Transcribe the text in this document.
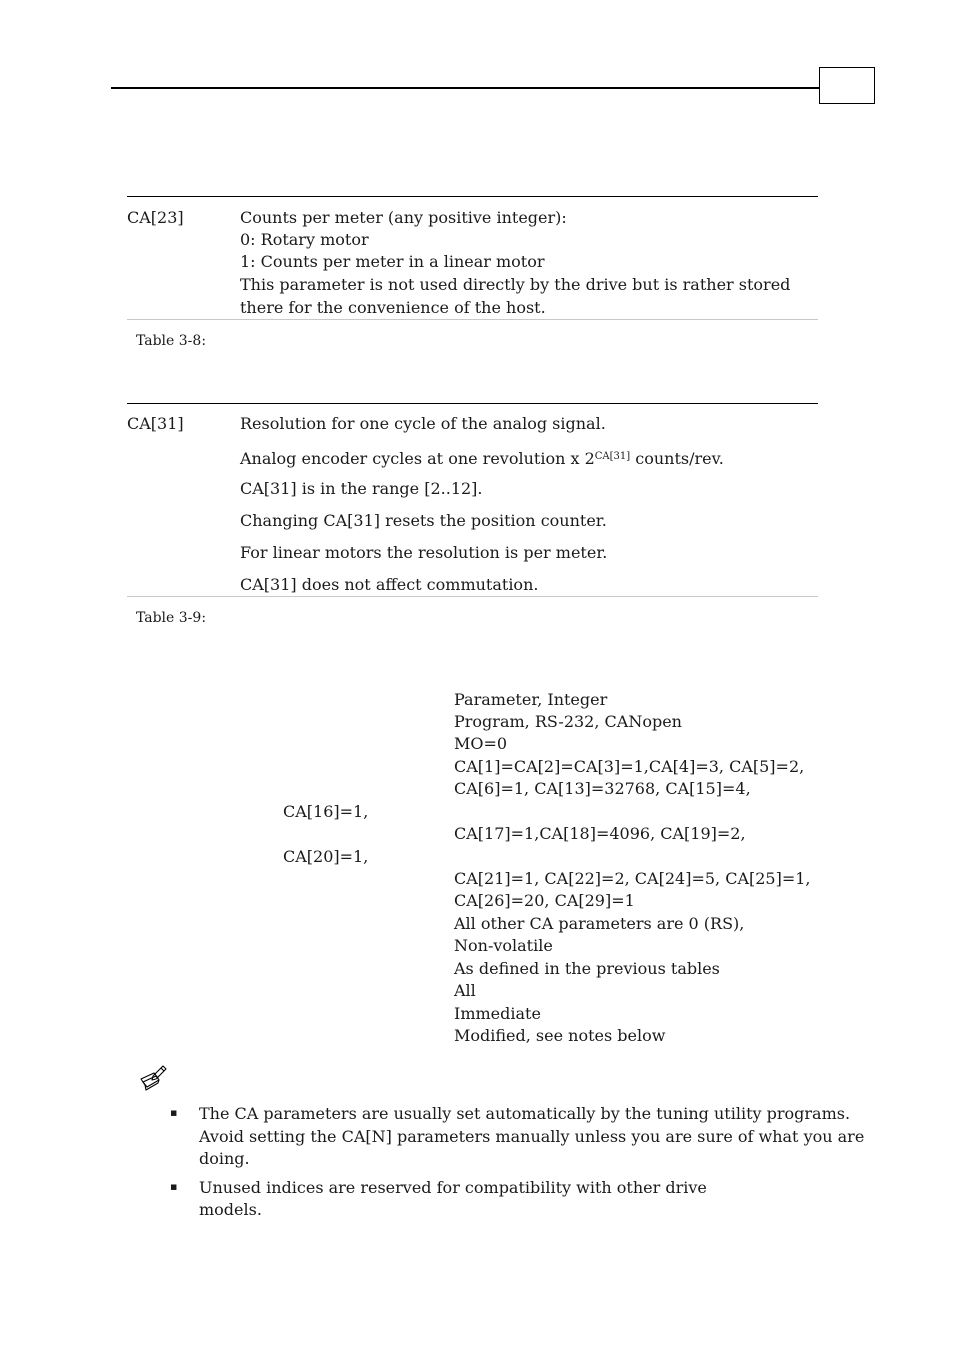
CA[23]	Counts per meter (any positive integer):
0: Rotary motor
1: Counts per meter in a linear motor
This parameter is not used directly by the drive but is rather stored
there for the convenience of the host.
Table 3-8:
CA[31]	Resolution for one cycle of the analog signal.
Analog encoder cycles at one revolution x $2^{CA[31]}$ counts/rev.
CA[31] is in the range [2..12].
Changing CA[31] resets the position counter.
For linear motors the resolution is per meter.
CA[31] does not affect commutation.
Table 3-9:
Parameter, Integer
Program, RS-232, CANopen
MO=0
CA[1]=CA[2]=CA[3]=1,CA[4]=3, CA[5]=2,
CA[6]=1, CA[13]=32768, CA[15]=4,
CA[16]=1,
CA[17]=1,CA[18]=4096, CA[19]=2,
CA[20]=1,
CA[21]=1, CA[22]=2, CA[24]=5, CA[25]=1,
CA[26]=20, CA[29]=1
All other CA parameters are 0 (RS),
Non-volatile
As defined in the previous tables
All
Immediate
Modified, see notes below
▪ The CA parameters are usually set automatically by the tuning utility programs.
Avoid setting the CA[N] parameters manually unless you are sure of what you are
doing.
▪ Unused indices are reserved for compatibility with other drive
models.
